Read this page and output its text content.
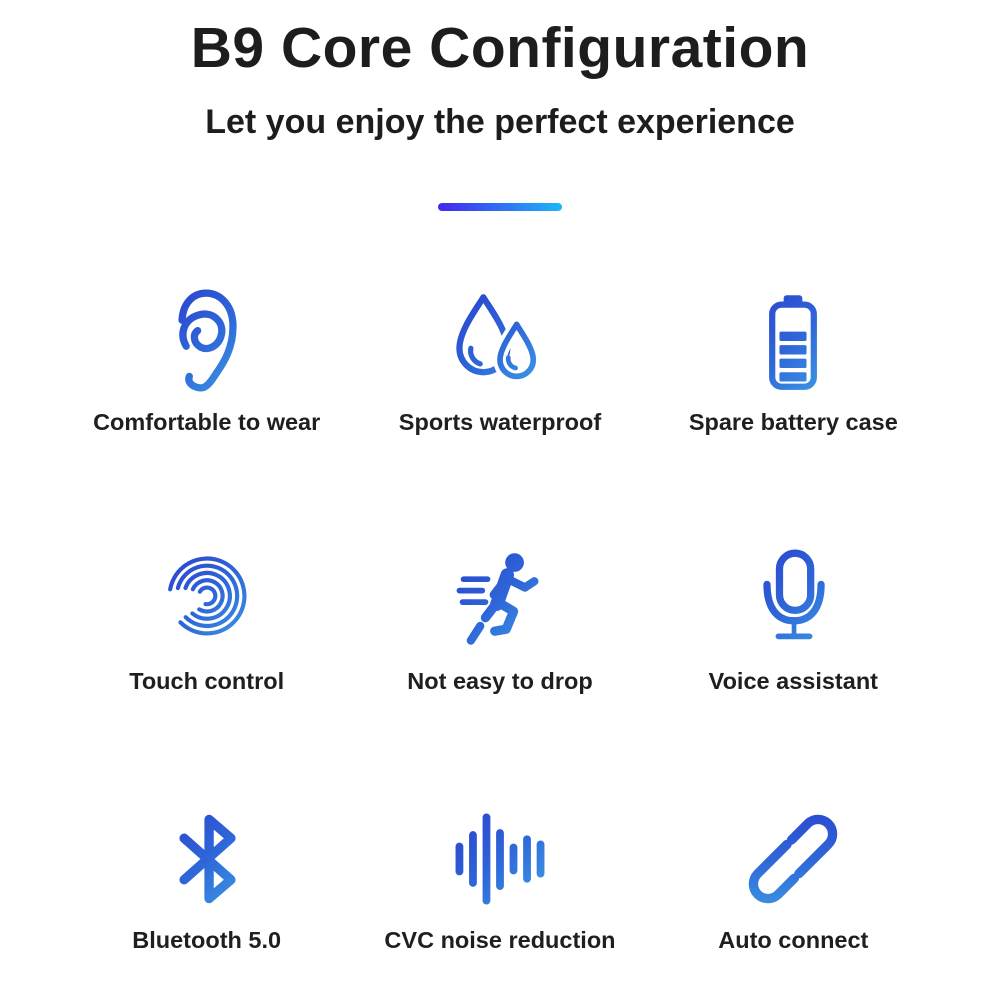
B9 Core Configuration
Let you enjoy the perfect experience
Comfortable to wear	Sports waterproof	Spare battery case
Touch control	Not easy to drop	Voice assistant
Bluetooth 5.0	CVC noise reduction	Auto connect
